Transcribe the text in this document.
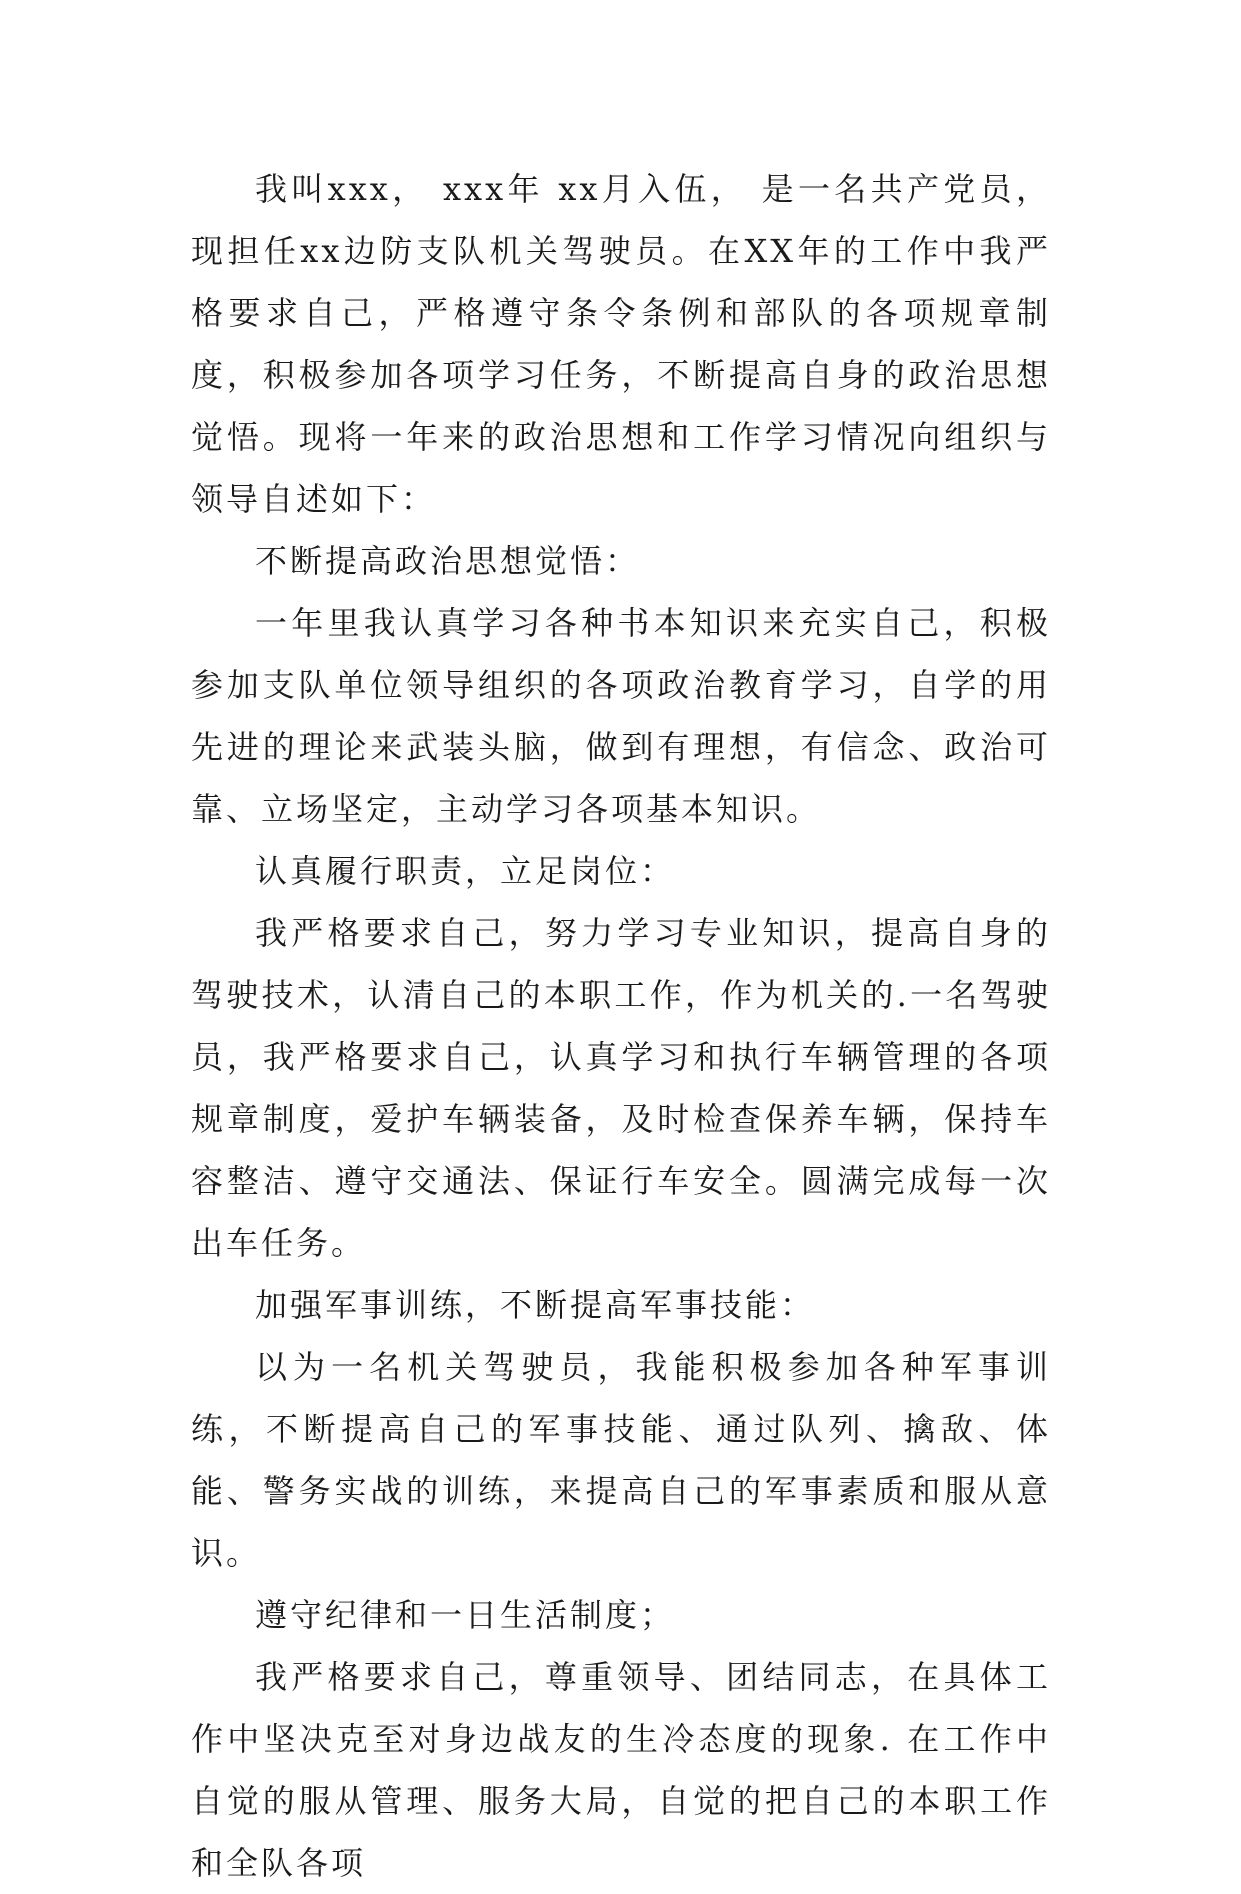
我叫xxx， xxx年 xx月入伍， 是一名共产党员，现担任xx边防支队机关驾驶员。在XX年的工作中我严格要求自己，严格遵守条令条例和部队的各项规章制度，积极参加各项学习任务，不断提高自身的政治思想觉悟。现将一年来的政治思想和工作学习情况向组织与领导自述如下：

不断提高政治思想觉悟：

一年里我认真学习各种书本知识来充实自己，积极参加支队单位领导组织的各项政治教育学习，自学的用先进的理论来武装头脑，做到有理想，有信念、政治可靠、立场坚定，主动学习各项基本知识。

认真履行职责，立足岗位：

我严格要求自己，努力学习专业知识，提高自身的驾驶技术，认清自己的本职工作，作为机关的.一名驾驶员，我严格要求自己，认真学习和执行车辆管理的各项规章制度，爱护车辆装备，及时检查保养车辆，保持车容整洁、遵守交通法、保证行车安全。圆满完成每一次出车任务。

加强军事训练，不断提高军事技能：

以为一名机关驾驶员，我能积极参加各种军事训练，不断提高自己的军事技能、通过队列、擒敌、体能、警务实战的训练，来提高自己的军事素质和服从意识。

遵守纪律和一日生活制度；

我严格要求自己，尊重领导、团结同志，在具体工作中坚决克至对身边战友的生冷态度的现象. 在工作中自觉的服从管理、服务大局，自觉的把自己的本职工作和全队各项
